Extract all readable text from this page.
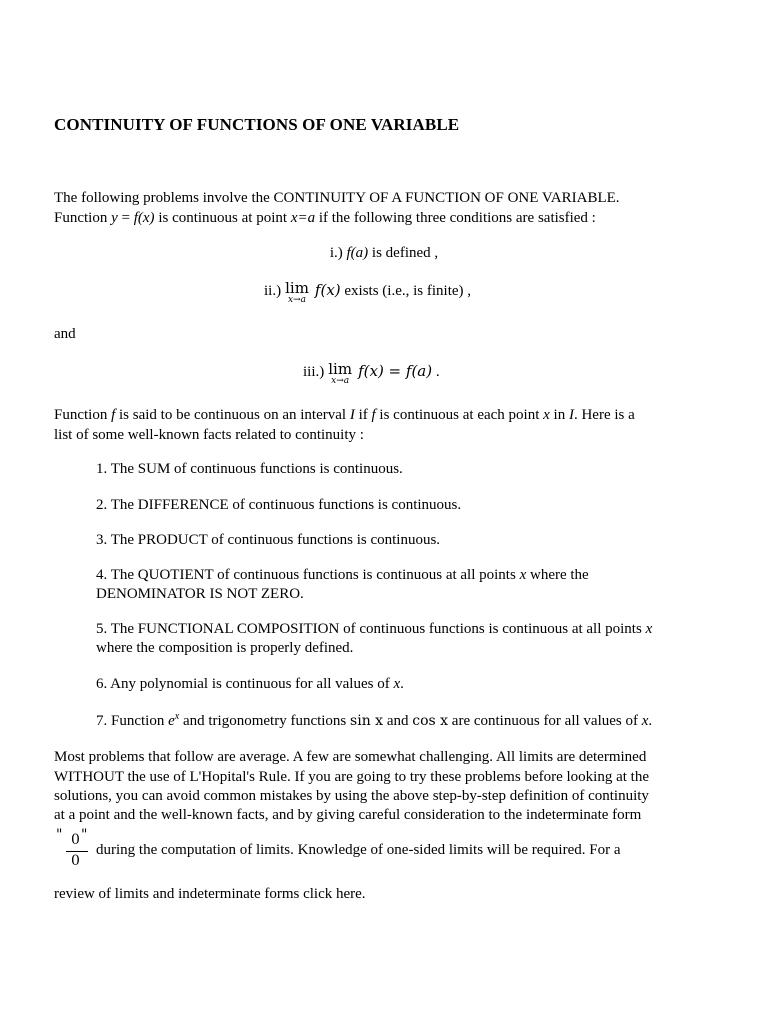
CONTINUITY OF FUNCTIONS OF ONE VARIABLE
The following problems involve the CONTINUITY OF A FUNCTION OF ONE VARIABLE.
Function y = f(x) is continuous at point x=a if the following three conditions are satisfied :
i.) f(a) is defined ,
ii.) lim
x→a
f(x) exists (i.e., is finite) ,
and
iii.) lim
x→a
f(x) = f(a) .
Function f is said to be continuous on an interval I if f is continuous at each point x in I. Here is a
list of some well-known facts related to continuity :
1. The SUM of continuous functions is continuous.
2. The DIFFERENCE of continuous functions is continuous.
3. The PRODUCT of continuous functions is continuous.
4. The QUOTIENT of continuous functions is continuous at all points x where the
DENOMINATOR IS NOT ZERO.
5. The FUNCTIONAL COMPOSITION of continuous functions is continuous at all points x
where the composition is properly defined.
6. Any polynomial is continuous for all values of x.
7. Function $e^x$ and trigonometry functions sin x and cos x are continuous for all values of x.
Most problems that follow are average. A few are somewhat challenging. All limits are determined
WITHOUT the use of L'Hopital's Rule. If you are going to try these problems before looking at the
solutions, you can avoid common mistakes by using the above step-by-step definition of continuity
at a point and the well-known facts, and by giving careful consideration to the indeterminate form
" 0 "
0
during the computation of limits. Knowledge of one-sided limits will be required. For a
review of limits and indeterminate forms click here.
